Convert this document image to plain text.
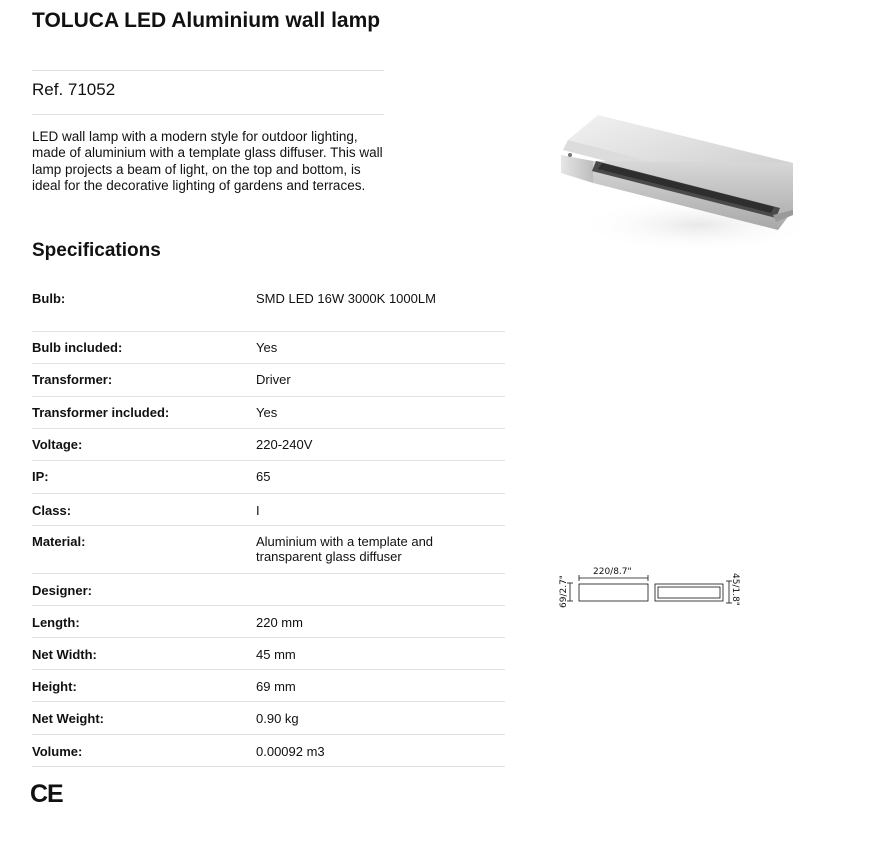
TOLUCA LED Aluminium wall lamp
Ref. 71052
LED wall lamp with a modern style for outdoor lighting, made of aluminium with a template glass diffuser. This wall lamp projects a beam of light, on the top and bottom, is ideal for the decorative lighting of gardens and terraces.
Specifications
Bulb:	SMD LED 16W 3000K 1000LM
Bulb included:	Yes
Transformer:	Driver
Transformer included:	Yes
Voltage:	220-240V
IP:	65
Class:	I
Material:	Aluminium with a template and transparent glass diffuser
Designer:
Length:	220 mm
Net Width:	45 mm
Height:	69 mm
Net Weight:	0.90 kg
Volume:	0.00092 m3
CE
220/8.7"
69/2.7"	45/1.8"
